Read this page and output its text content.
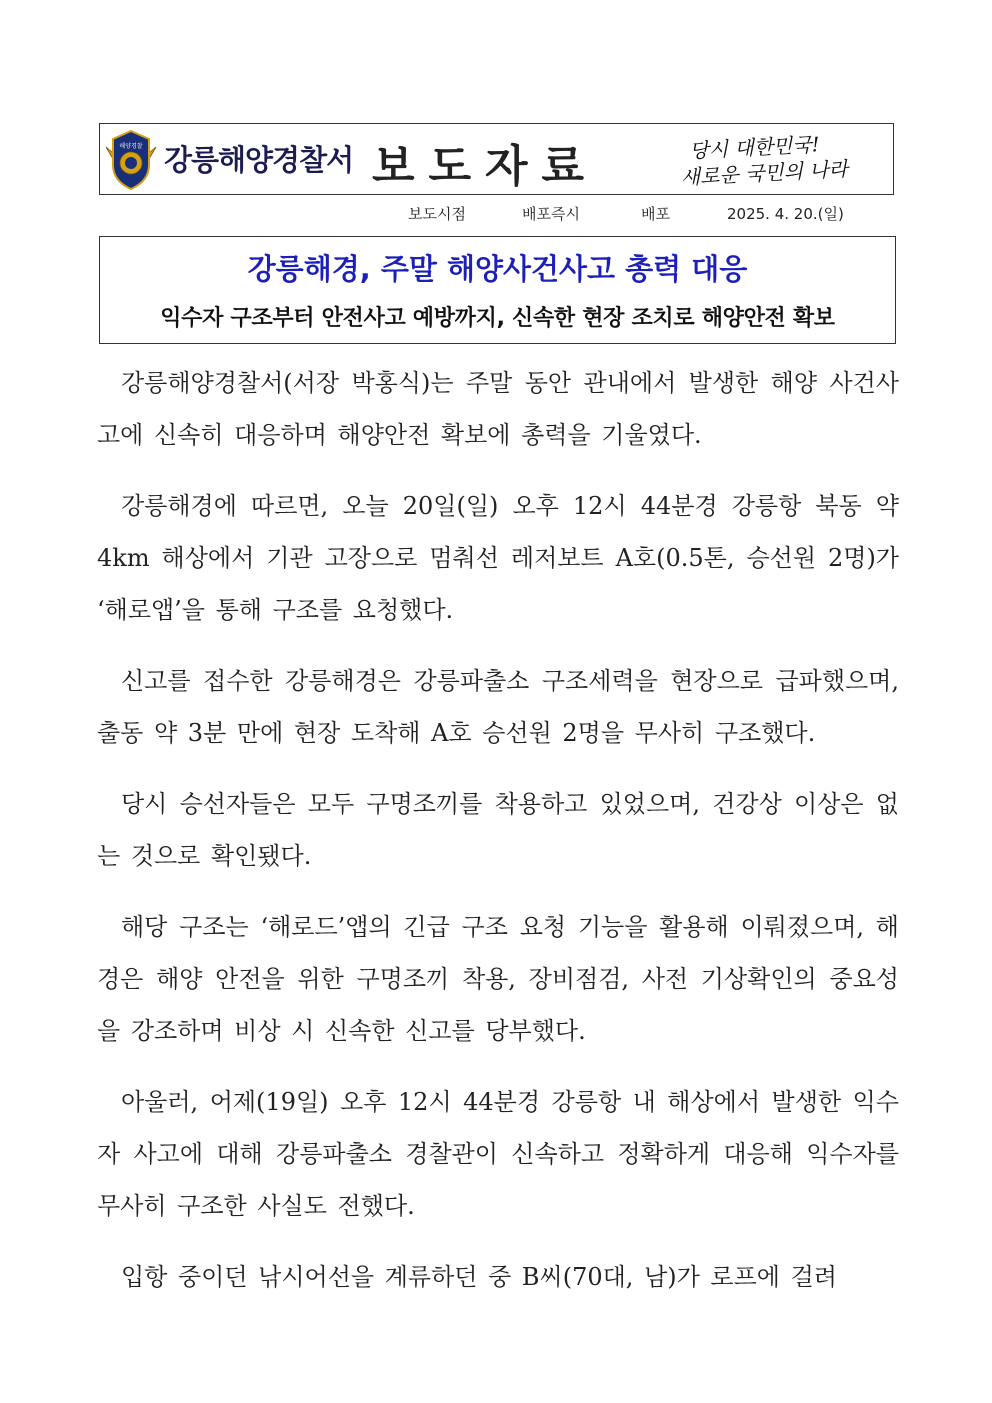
해양경찰 강릉해양경찰서 보도자료	당시 대한민국!
새로운 국민의 나라
보도시점	배포즉시	배포	2025. 4. 20.(일)
강릉해경, 주말 해양사건사고 총력 대응
익수자 구조부터 안전사고 예방까지, 신속한 현장 조치로 해양안전 확보

강릉해양경찰서(서장 박홍식)는 주말 동안 관내에서 발생한 해양 사건사고에 신속히 대응하며 해양안전 확보에 총력을 기울였다.

강릉해경에 따르면, 오늘 20일(일) 오후 12시 44분경 강릉항 북동 약4km 해상에서 기관 고장으로 멈춰선 레저보트 A호(0.5톤, 승선원 2명)가 ‘해로앱’을 통해 구조를 요청했다.

신고를 접수한 강릉해경은 강릉파출소 구조세력을 현장으로 급파했으며, 출동 약 3분 만에 현장 도착해 A호 승선원 2명을 무사히 구조했다.

당시 승선자들은 모두 구명조끼를 착용하고 있었으며, 건강상 이상은 없는 것으로 확인됐다.

해당 구조는 ‘해로드’앱의 긴급 구조 요청 기능을 활용해 이뤄졌으며, 해경은 해양 안전을 위한 구명조끼 착용, 장비점검, 사전 기상확인의 중요성을 강조하며 비상 시 신속한 신고를 당부했다.

아울러, 어제(19일) 오후 12시 44분경 강릉항 내 해상에서 발생한 익수자 사고에 대해 강릉파출소 경찰관이 신속하고 정확하게 대응해 익수자를 무사히 구조한 사실도 전했다.

입항 중이던 낚시어선을 계류하던 중 B씨(70대, 남)가 로프에 걸려
